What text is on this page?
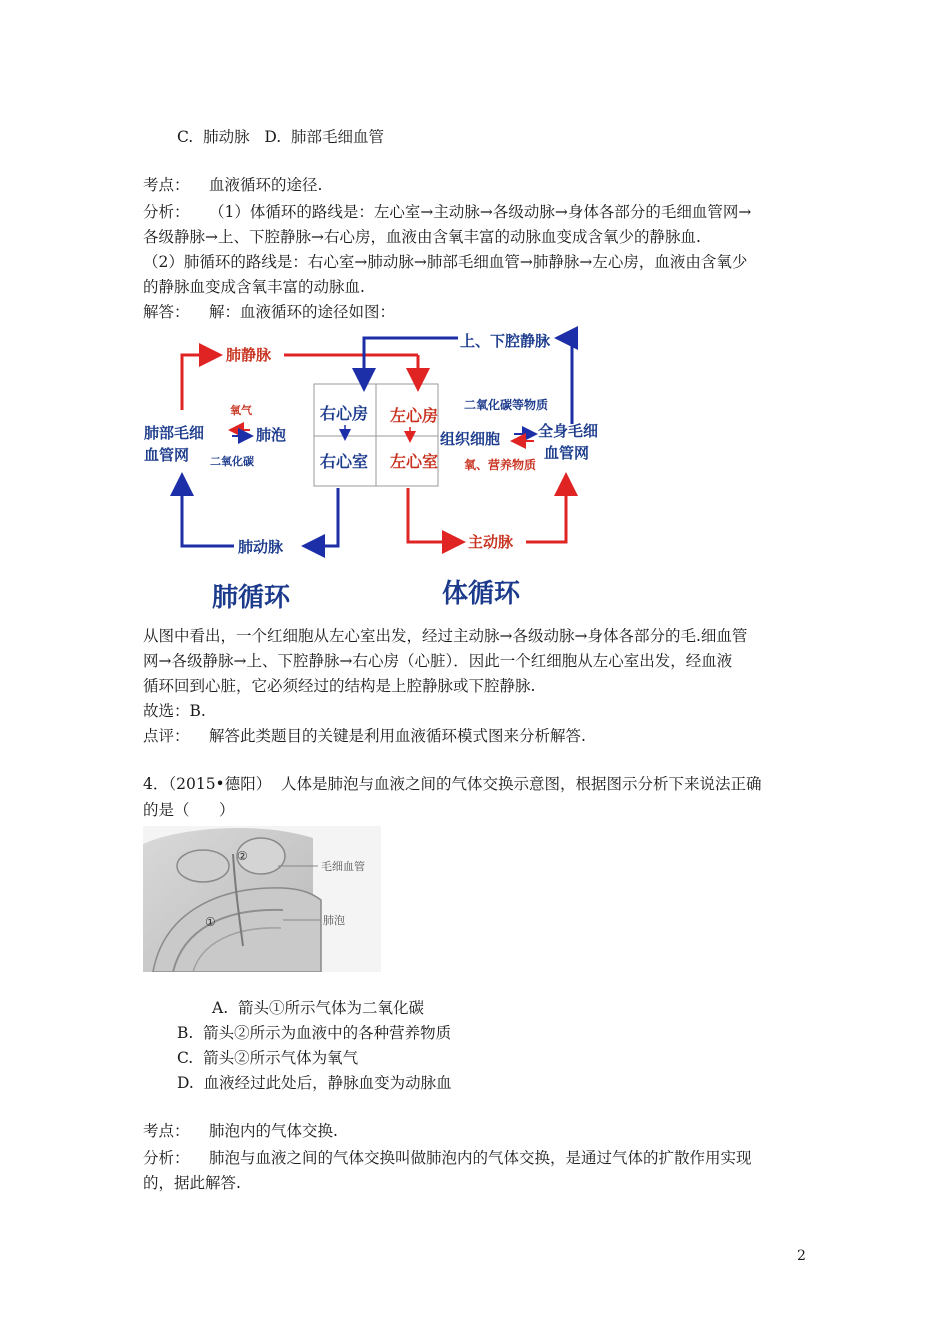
C.  肺动脉   D.  肺部毛细血管
考点： 血液循环的途径.
分析： （1）体循环的路线是：左心室→主动脉→各级动脉→身体各部分的毛细血管网→
各级静脉→上、下腔静脉→右心房，血液由含氧丰富的动脉血变成含氧少的静脉血.
（2）肺循环的路线是：右心室→肺动脉→肺部毛细血管→肺静脉→左心房，血液由含氧少
的静脉血变成含氧丰富的动脉血.
解答： 解：血液循环的途径如图：
右心房 左心房
右心室 左心室
肺静脉
上、下腔静脉
肺部毛细
血管网
氧气
肺泡
二氧化碳
肺动脉	主动脉
二氧化碳等物质
组织细胞
氧、营养物质
全身毛细
血管网
肺循环	体循环
从图中看出，一个红细胞从左心室出发，经过主动脉→各级动脉→身体各部分的毛.细血管
网→各级静脉→上、下腔静脉→右心房（心脏）．因此一个红细胞从左心室出发，经血液
循环回到心脏，它必须经过的结构是上腔静脉或下腔静脉.
故选：B.
点评： 解答此类题目的关键是利用血液循环模式图来分析解答.
4．（2015•德阳）  人体是肺泡与血液之间的气体交换示意图，根据图示分析下来说法正确
的是（      ）
②
①
毛细血管
肺泡
A.  箭头①所示气体为二氧化碳
B.  箭头②所示为血液中的各种营养物质
C.  箭头②所示气体为氧气
D.  血液经过此处后，静脉血变为动脉血
考点： 肺泡内的气体交换.
分析： 肺泡与血液之间的气体交换叫做肺泡内的气体交换，是通过气体的扩散作用实现
的，据此解答.
2
